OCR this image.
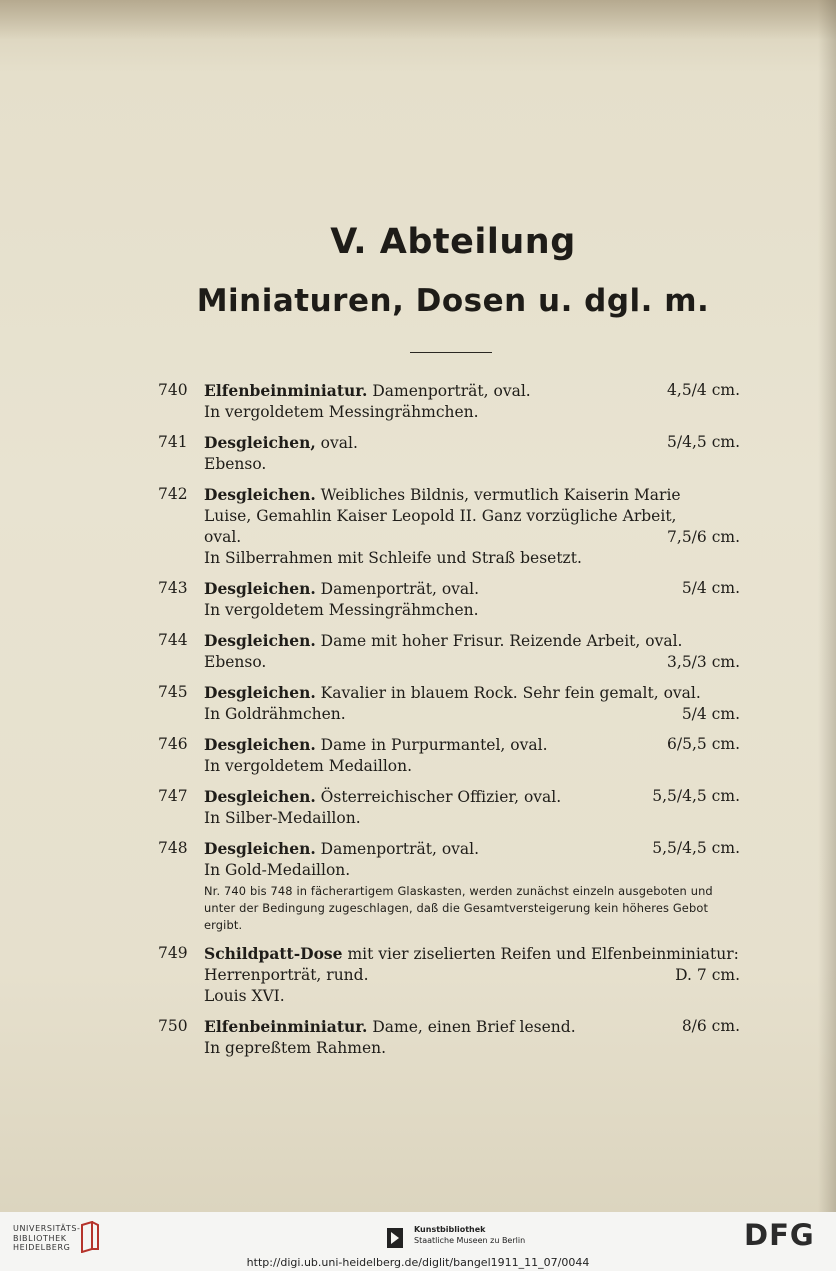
V. Abteilung
Miniaturen, Dosen u. dgl. m.
740	Elfenbeinminiatur. Damenporträt, oval.	4,5/4 cm.
In vergoldetem Messingrähmchen.
741	Desgleichen, oval.	5/4,5 cm.
Ebenso.
742	Desgleichen. Weibliches Bildnis, vermutlich Kaiserin Marie
Luise, Gemahlin Kaiser Leopold II. Ganz vorzügliche Arbeit,
oval.	7,5/6 cm.
In Silberrahmen mit Schleife und Straß besetzt.
743	Desgleichen. Damenporträt, oval.	5/4 cm.
In vergoldetem Messingrähmchen.
744	Desgleichen. Dame mit hoher Frisur. Reizende Arbeit, oval.
Ebenso.	3,5/3 cm.
745	Desgleichen. Kavalier in blauem Rock. Sehr fein gemalt, oval.
In Goldrähmchen.	5/4 cm.
746	Desgleichen. Dame in Purpurmantel, oval.	6/5,5 cm.
In vergoldetem Medaillon.
747	Desgleichen. Österreichischer Offizier, oval.	5,5/4,5 cm.
In Silber-Medaillon.
748	Desgleichen. Damenporträt, oval.	5,5/4,5 cm.
In Gold-Medaillon.
Nr. 740 bis 748 in fächerartigem Glaskasten, werden zunächst einzeln ausgeboten und unter der Bedingung zugeschlagen, daß die Gesamtversteigerung kein höheres Gebot ergibt.
749	Schildpatt-Dose mit vier ziselierten Reifen und Elfenbeinminiatur:
Herrenporträt, rund.	D. 7 cm.
Louis XVI.
750	Elfenbeinminiatur. Dame, einen Brief lesend.	8/6 cm.
In gepreßtem Rahmen.
UNIVERSITÄTS-
BIBLIOTHEK
HEIDELBERG
Kunstbibliothek
Staatliche Museen zu Berlin	DFG
http://digi.ub.uni-heidelberg.de/diglit/bangel1911_11_07/0044
